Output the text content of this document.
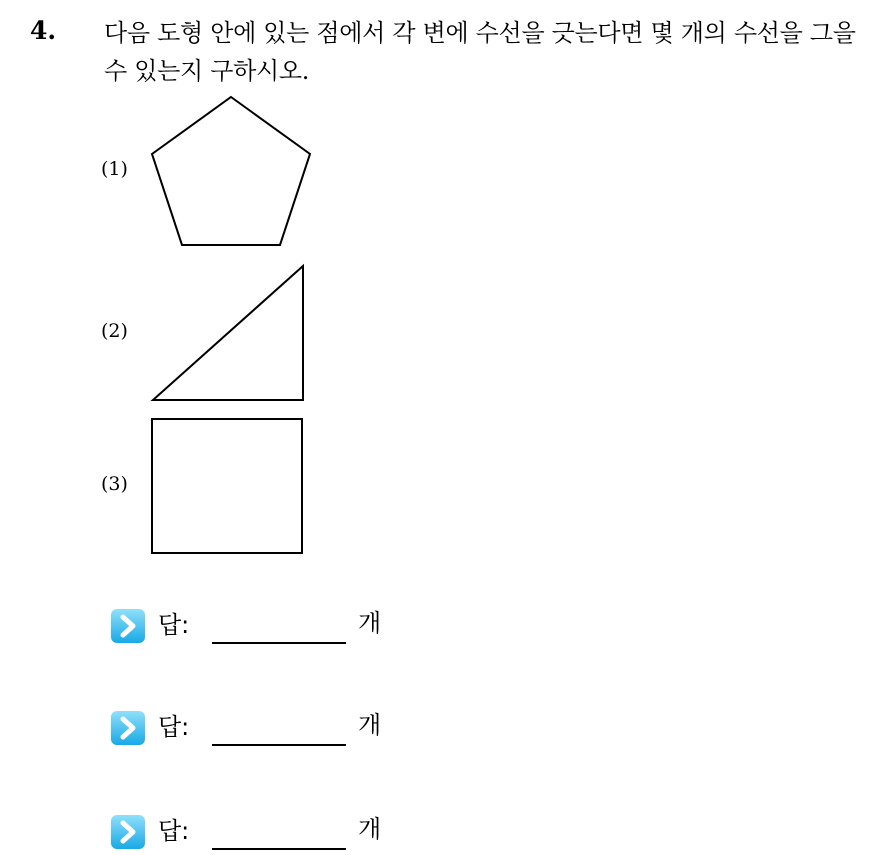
4. 다음 도형 안에 있는 점에서 각 변에 수선을 긋는다면 몇 개의 수선을 그을 수 있는지 구하시오.
(1)
(2)
(3)
답:	개
답:	개
답:	개
